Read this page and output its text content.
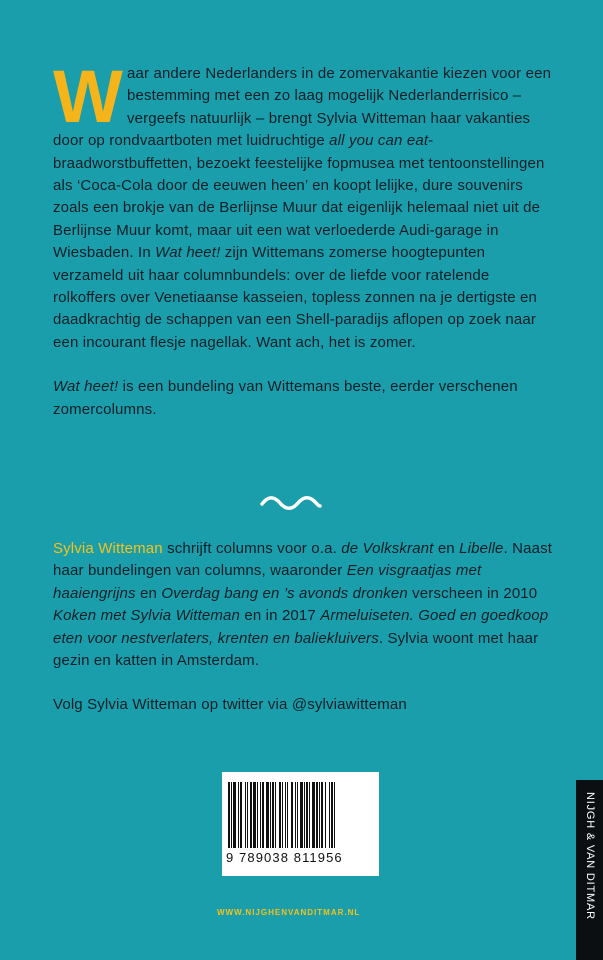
Waar andere Nederlanders in de zomervakantie kiezen voor een bestemming met een zo laag mogelijk Nederlanderrisico – vergeefs natuurlijk – brengt Sylvia Witteman haar vakanties door op rondvaartboten met luidruchtige all you can eat-braadworstbuffetten, bezoekt feestelijke fopmusea met tentoonstellingen als ‘Coca-Cola door de eeuwen heen’ en koopt lelijke, dure souvenirs zoals een brokje van de Berlijnse Muur dat eigenlijk helemaal niet uit de Berlijnse Muur komt, maar uit een wat verloederde Audi-garage in Wiesbaden. In Wat heet! zijn Wittemans zomerse hoogtepunten verzameld uit haar columnbundels: over de liefde voor ratelende rolkoffers over Venetiaanse kasseien, topless zonnen na je dertigste en daadkrachtig de schappen van een Shell-paradijs aflopen op zoek naar een incourant flesje nagellak. Want ach, het is zomer.

Wat heet! is een bundeling van Wittemans beste, eerder verschenen zomercolumns.

Sylvia Witteman schrijft columns voor o.a. de Volkskrant en Libelle. Naast haar bundelingen van columns, waaronder Een visgraatjas met haaiengrijns en Overdag bang en ’s avonds dronken verscheen in 2010 Koken met Sylvia Witteman en in 2017 Armeluiseten. Goed en goedkoop eten voor nestverlaters, krenten en baliekluivers. Sylvia woont met haar gezin en katten in Amsterdam.

Volg Sylvia Witteman op twitter via @sylviawitteman

9 789038 811956
WWW.NIJGHENVANDITMAR.NL	NIJGH & VAN DITMAR
